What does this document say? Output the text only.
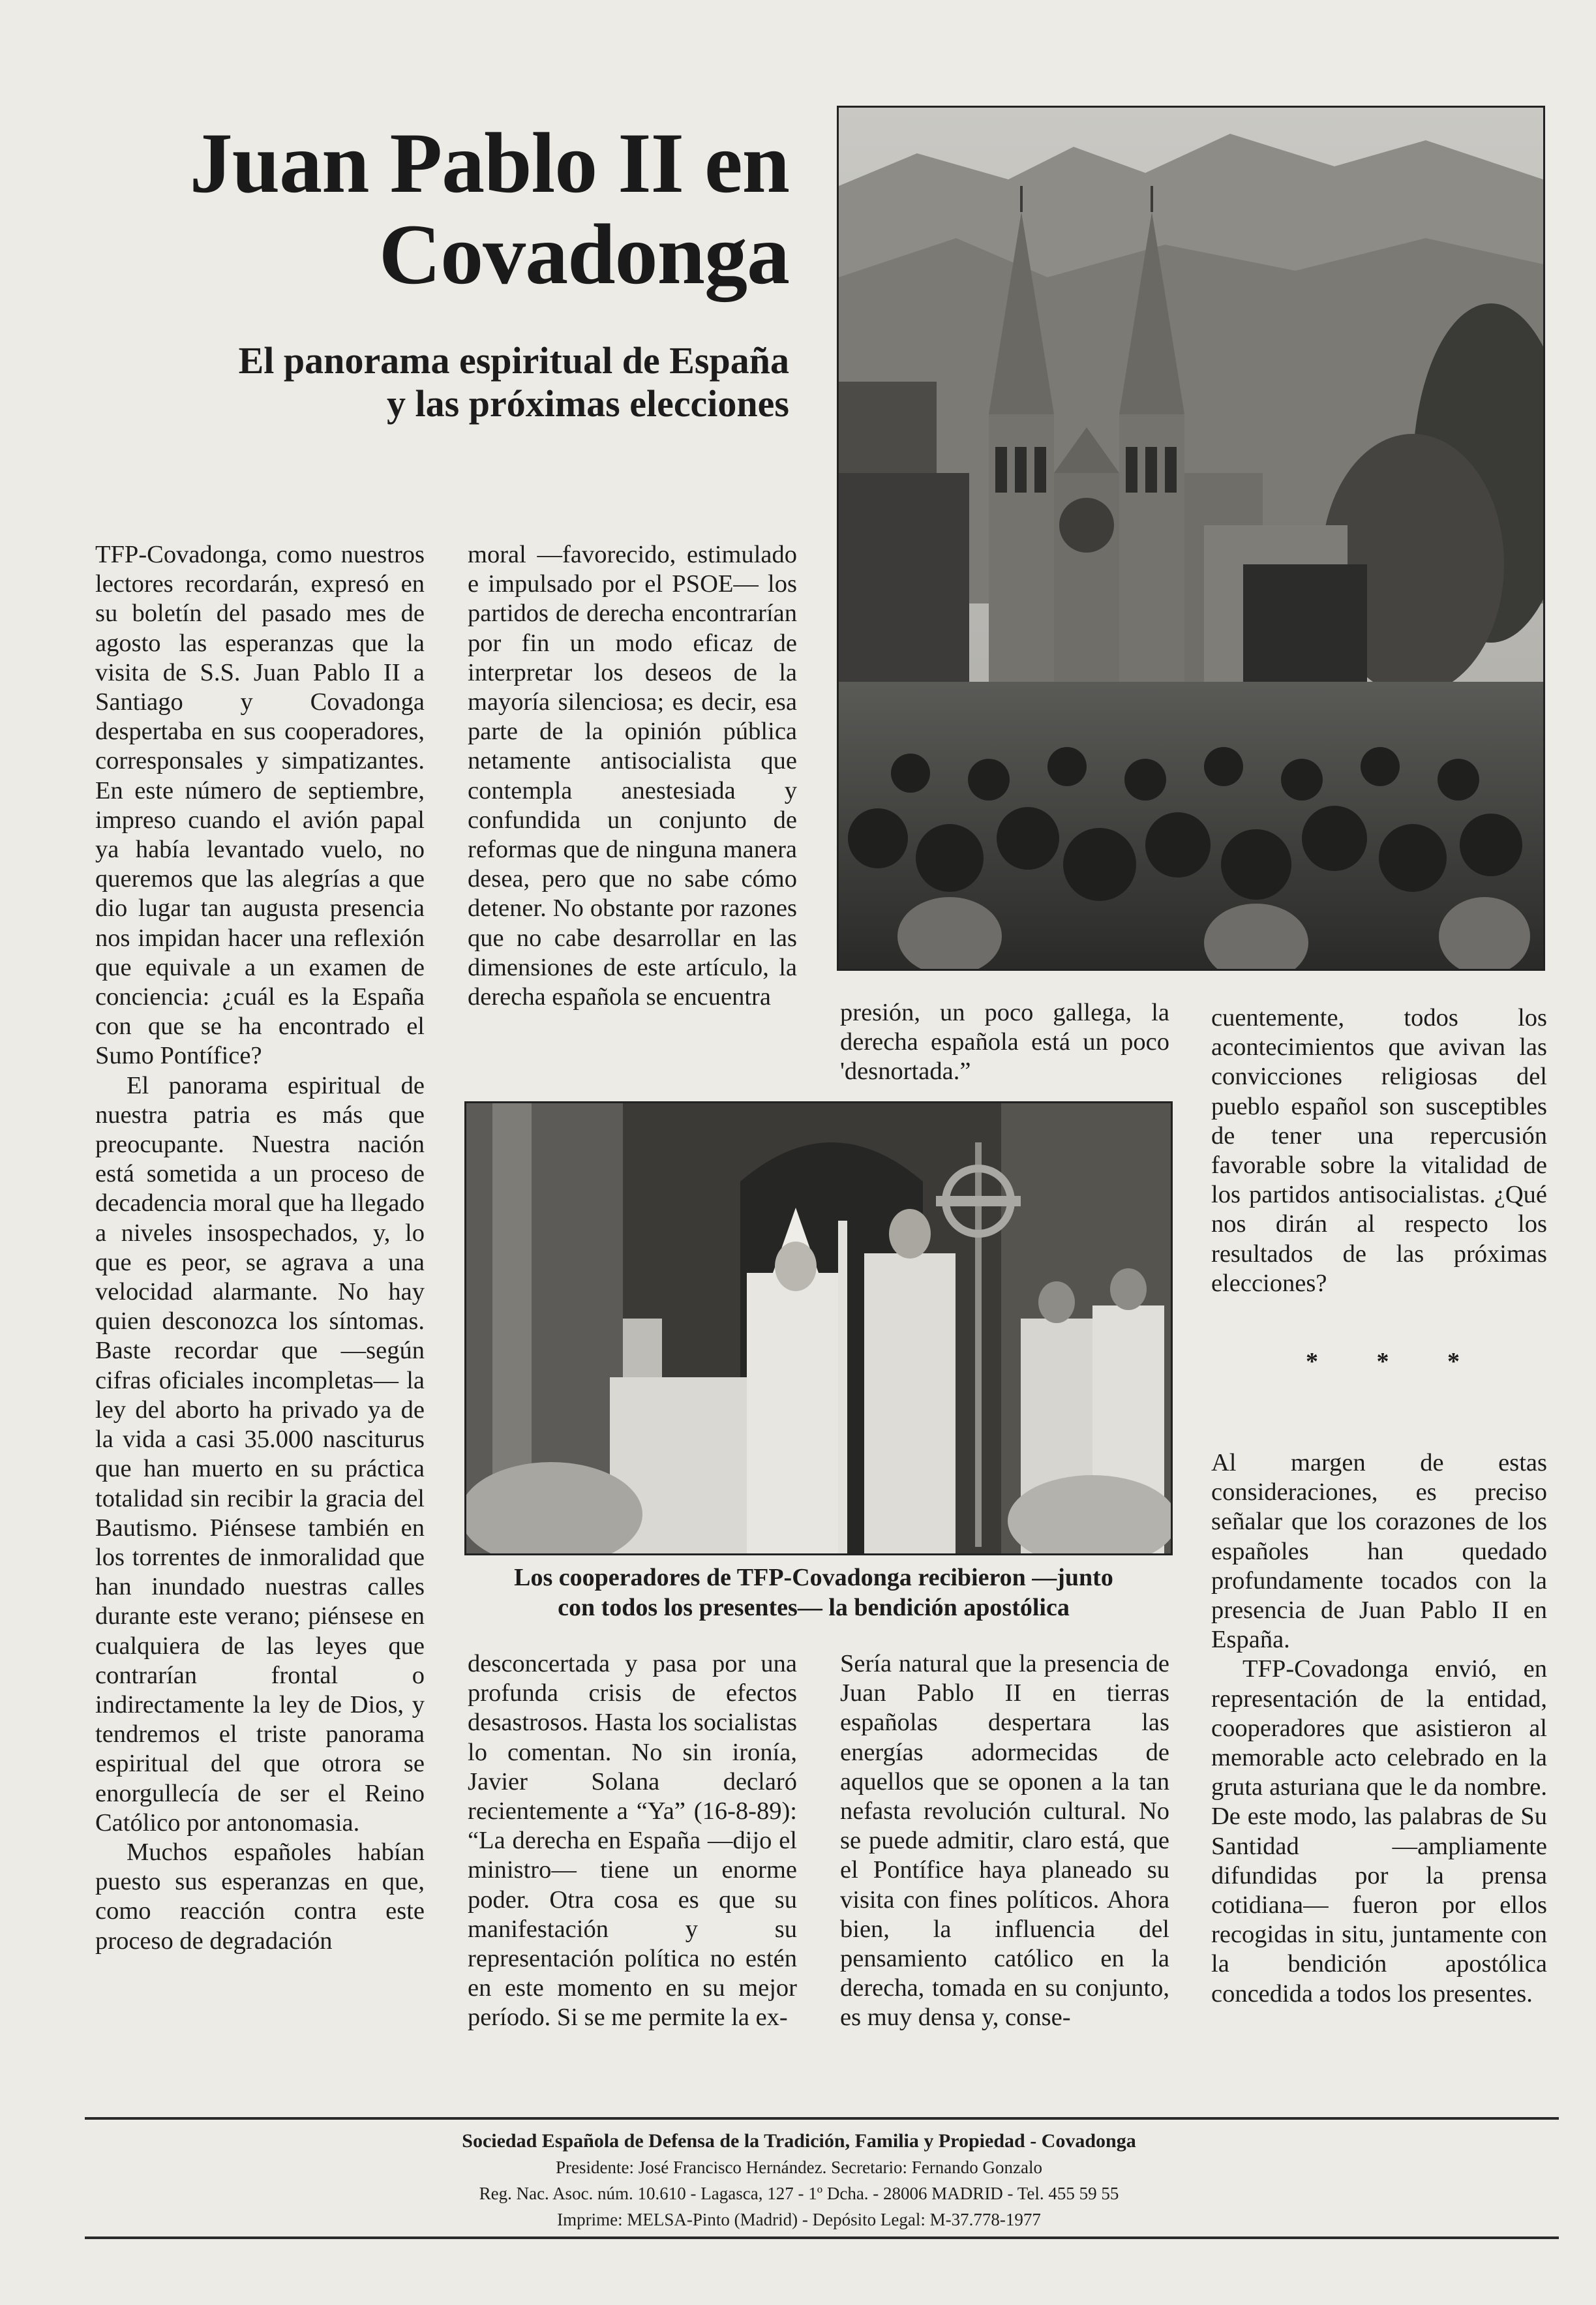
Juan Pablo II en
Covadonga
El panorama espiritual de España
y las próximas elecciones

TFP-Covadonga, como nuestros lectores recordarán, expresó en su boletín del pasado mes de agosto las esperanzas que la visita de S.S. Juan Pablo II a Santiago y Covadonga despertaba en sus cooperadores, corresponsales y simpatizantes. En este número de septiembre, impreso cuando el avión papal ya había levantado vuelo, no queremos que las alegrías a que dio lugar tan augusta presencia nos impidan hacer una reflexión que equivale a un examen de conciencia: ¿cuál es la España con que se ha encontrado el Sumo Pontífice?

El panorama espiritual de nuestra patria es más que preocupante. Nuestra nación está sometida a un proceso de decadencia moral que ha llegado a niveles insospechados, y, lo que es peor, se agrava a una velocidad alarmante. No hay quien desconozca los síntomas. Baste recordar que —según cifras oficiales incompletas— la ley del aborto ha privado ya de la vida a casi 35.000 nasciturus que han muerto en su práctica totalidad sin recibir la gracia del Bautismo. Piénsese también en los torrentes de inmoralidad que han inundado nuestras calles durante este verano; piénsese en cualquiera de las leyes que contrarían frontal o indirectamente la ley de Dios, y tendremos el triste panorama espiritual del que otrora se enorgullecía de ser el Reino Católico por antonomasia.

Muchos españoles habían puesto sus esperanzas en que, como reacción contra este proceso de degradación

moral —favorecido, estimulado e impulsado por el PSOE— los partidos de derecha encontrarían por fin un modo eficaz de interpretar los deseos de la mayoría silenciosa; es decir, esa parte de la opinión pública netamente antisocialista que contempla anestesiada y confundida un conjunto de reformas que de ninguna manera desea, pero que no sabe cómo detener. No obstante por razones que no cabe desarrollar en las dimensiones de este artículo, la derecha española se encuentra

Los cooperadores de TFP-Covadonga recibieron —junto
con todos los presentes— la bendición apostólica

desconcertada y pasa por una profunda crisis de efectos desastrosos. Hasta los socialistas lo comentan. No sin ironía, Javier Solana declaró recientemente a “Ya” (16-8-89): “La derecha en España —dijo el ministro— tiene un enorme poder. Otra cosa es que su manifestación y su representación política no estén en este momento en su mejor período. Si se me permite la ex-

presión, un poco gallega, la derecha española está un poco 'desnortada.”

Sería natural que la presencia de Juan Pablo II en tierras españolas despertara las energías adormecidas de aquellos que se oponen a la tan nefasta revolución cultural. No se puede admitir, claro está, que el Pontífice haya planeado su visita con fines políticos. Ahora bien, la influencia del pensamiento católico en la derecha, tomada en su conjunto, es muy densa y, conse-

cuentemente, todos los acontecimientos que avivan las convicciones religiosas del pueblo español son susceptibles de tener una repercusión favorable sobre la vitalidad de los partidos antisocialistas. ¿Qué nos dirán al respecto los resultados de las próximas elecciones?

* * *

Al margen de estas consideraciones, es preciso señalar que los corazones de los españoles han quedado profundamente tocados con la presencia de Juan Pablo II en España.

TFP-Covadonga envió, en representación de la entidad, cooperadores que asistieron al memorable acto celebrado en la gruta asturiana que le da nombre. De este modo, las palabras de Su Santidad —ampliamente difundidas por la prensa cotidiana— fueron por ellos recogidas in situ, juntamente con la bendición apostólica concedida a todos los presentes.

Sociedad Española de Defensa de la Tradición, Familia y Propiedad - Covadonga
Presidente: José Francisco Hernández. Secretario: Fernando Gonzalo
Reg. Nac. Asoc. núm. 10.610 - Lagasca, 127 - 1º Dcha. - 28006 MADRID - Tel. 455 59 55
Imprime: MELSA-Pinto (Madrid) - Depósito Legal: M-37.778-1977
